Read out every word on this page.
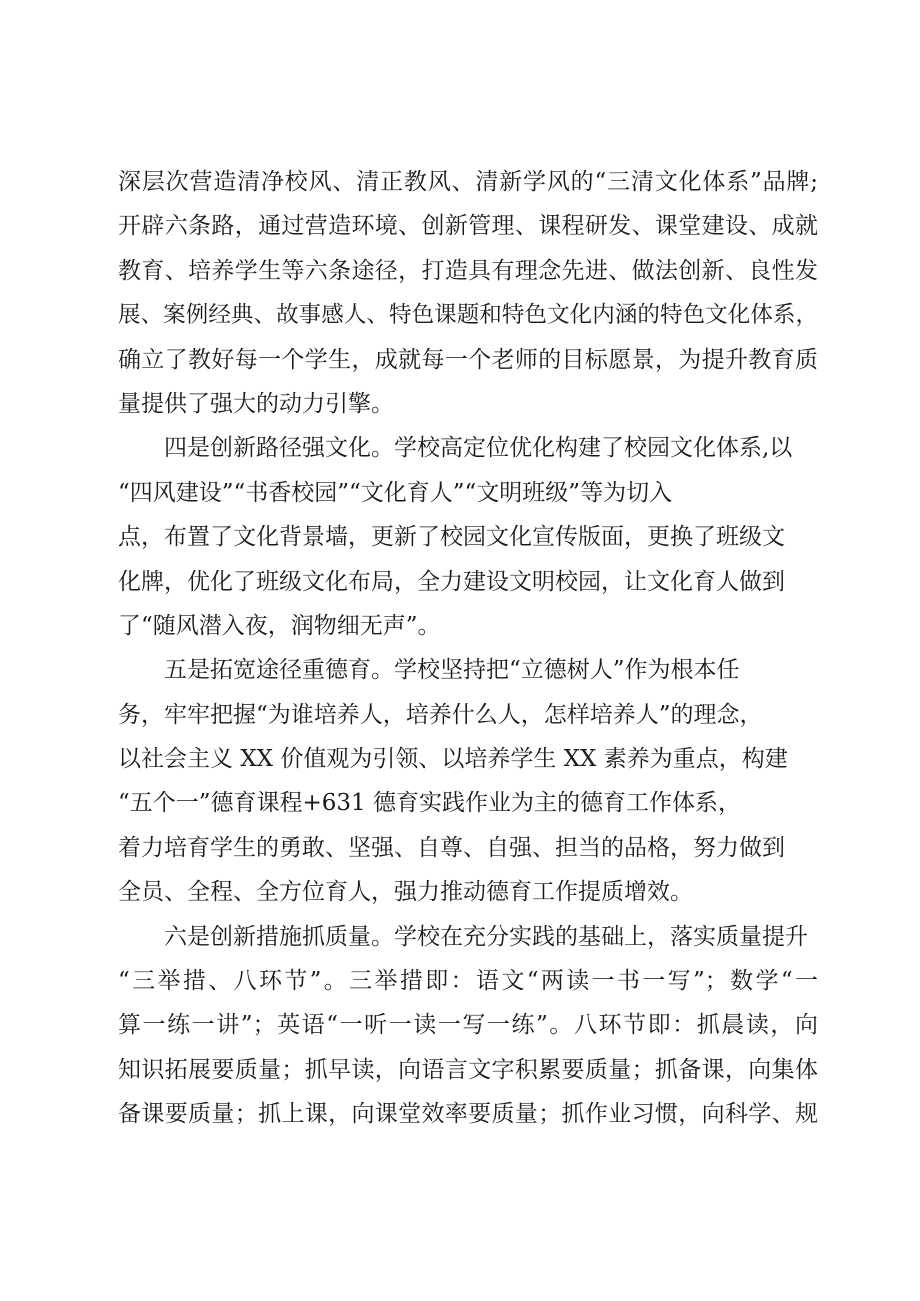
深层次营造清净校风、清正教风、清新学风的“三清文化体系”品牌;
开辟六条路，通过营造环境、创新管理、课程研发、课堂建设、成就
教育、培养学生等六条途径，打造具有理念先进、做法创新、良性发
展、案例经典、故事感人、特色课题和特色文化内涵的特色文化体系，
确立了教好每一个学生，成就每一个老师的目标愿景，为提升教育质
量提供了强大的动力引擎。
四是创新路径强文化。学校高定位优化构建了校园文化体系,以
“四风建设”“书香校园”“文化育人”“文明班级”等为切入
点，布置了文化背景墙，更新了校园文化宣传版面，更换了班级文
化牌，优化了班级文化布局，全力建设文明校园，让文化育人做到
了“随风潜入夜，润物细无声”。
五是拓宽途径重德育。学校坚持把“立德树人”作为根本任
务，牢牢把握“为谁培养人，培养什么人，怎样培养人”的理念，
以社会主义 XX 价值观为引领、以培养学生 XX 素养为重点，构建
“五个一”德育课程+631 德育实践作业为主的德育工作体系，
着力培育学生的勇敢、坚强、自尊、自强、担当的品格，努力做到
全员、全程、全方位育人，强力推动德育工作提质增效。
六是创新措施抓质量。学校在充分实践的基础上，落实质量提升
“三举措、八环节”。三举措即：语文“两读一书一写”；数学“一
算一练一讲”；英语“一听一读一写一练”。八环节即：抓晨读，向
知识拓展要质量；抓早读，向语言文字积累要质量；抓备课，向集体
备课要质量；抓上课，向课堂效率要质量；抓作业习惯，向科学、规
